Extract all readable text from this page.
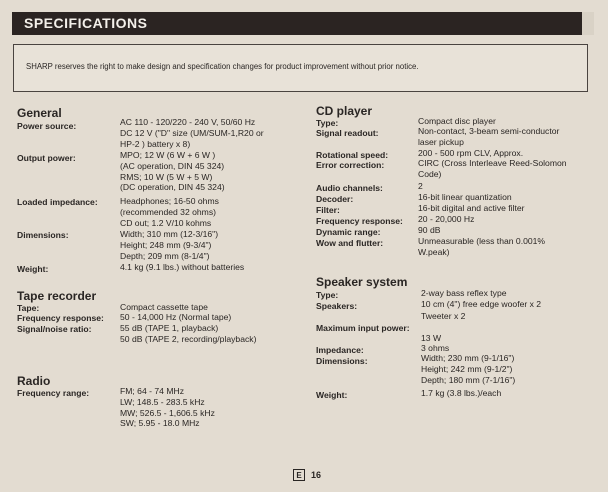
SPECIFICATIONS
SHARP reserves the right to make design and specification changes for product improvement without prior notice.
General
Power source:	AC 110 - 120/220 - 240 V, 50/60 Hz
DC 12 V ("D" size (UM/SUM-1,R20 or
HP-2 ) battery x 8)
Output power:	MPO; 12 W (6 W + 6 W )
(AC operation, DIN 45 324)
RMS; 10 W (5 W + 5 W)
(DC operation, DIN 45 324)
Loaded impedance:	Headphones; 16-50 ohms
(recommended 32 ohms)
CD out; 1.2 V/10 kohms
Dimensions:	Width; 310 mm (12-3/16")
Height; 248 mm (9-3/4")
Depth; 209 mm (8-1/4")
Weight:	4.1 kg (9.1 lbs.) without batteries
Tape recorder
Tape:	Compact cassette tape
Frequency response: 50 - 14,000 Hz (Normal tape)
Signal/noise ratio:	55 dB (TAPE 1, playback)
50 dB (TAPE 2, recording/playback)
Radio
Frequency range:	FM; 64 - 74 MHz
LW; 148.5 - 283.5 kHz
MW; 526.5 - 1,606.5 kHz
SW; 5.95 - 18.0 MHz
CD player
Type:	Compact disc player
Signal readout:	Non-contact, 3-beam semi-conductor
laser pickup
Rotational speed:	200 - 500 rpm CLV, Approx.
Error correction:	CIRC (Cross Interleave Reed-Solomon
Code)
Audio channels:	2
Decoder:	16-bit linear quantization
Filter:	16-bit digital and active filter
Frequency response: 20 - 20,000 Hz
Dynamic range:	90 dB
Wow and flutter:	Unmeasurable (less than 0.001%
W.peak)
Speaker system
Type:	2-way bass reflex type
Speakers:	10 cm (4") free edge woofer x 2
Tweeter x 2
Maximum input power:
13 W
Impedance:	3 ohms
Dimensions:	Width; 230 mm (9-1/16")
Height; 242 mm (9-1/2")
Depth; 180 mm (7-1/16")
Weight:	1.7 kg (3.8 lbs.)/each
E 16
